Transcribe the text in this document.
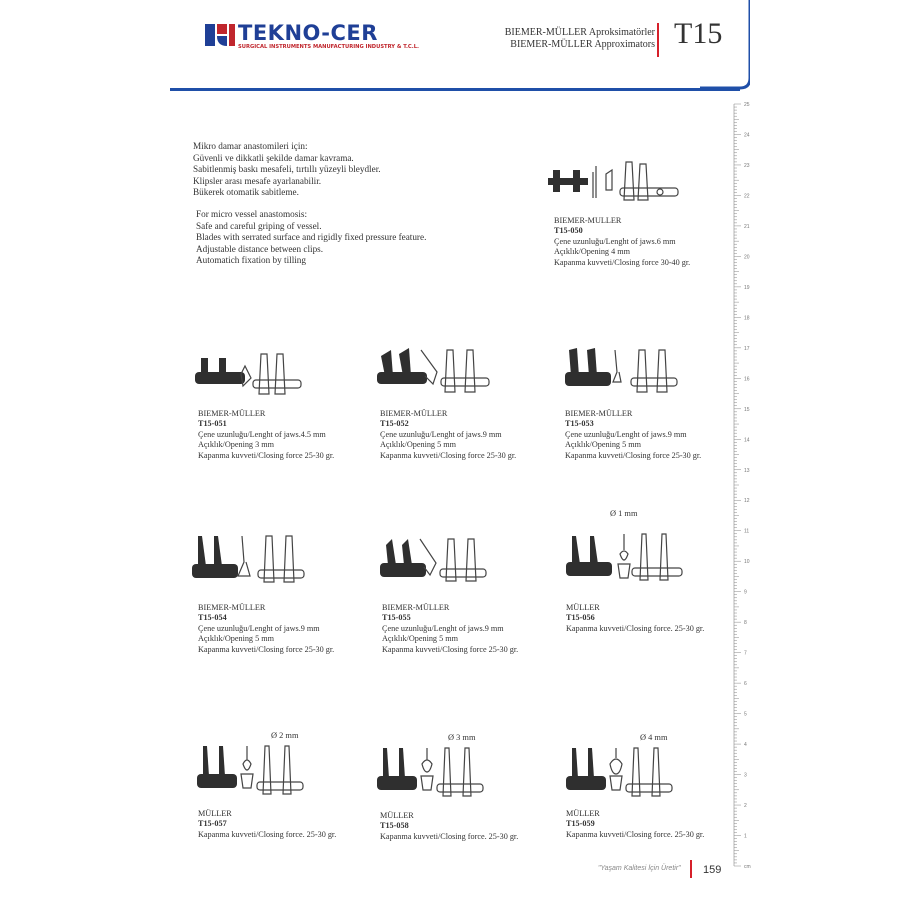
TEKNO-CER
SURGICAL INSTRUMENTS MANUFACTURING INDUSTRY & T.C.L.
BIEMER-MÜLLER Aproksimatörler
BIEMER-MÜLLER Approximators T15
Mikro damar anastomileri için:
Güvenli ve dikkatli şekilde damar kavrama.
Sabitlenmiş baskı mesafeli, tırtıllı yüzeyli bleydler.
Klipsler arası mesafe ayarlanabilir.
Bükerek otomatik sabitleme.
For micro vessel anastomosis:
Safe and careful griping of vessel.
Blades with serrated surface and rigidly fixed pressure feature.
Adjustable distance between clips.
Automatich fixation by tilling
Ø 1 mm
Ø 2 mm	Ø 3 mm	Ø 4 mm
BIEMER-MULLER
T15-050
Çene uzunluğu/Lenght of jaws.6 mm
Açıklık/Opening 4 mm
Kapanma kuvveti/Closing force 30-40 gr.
BIEMER-MÜLLER
T15-051
Çene uzunluğu/Lenght of jaws.4.5 mm
Açıklık/Opening 3 mm
Kapanma kuvveti/Closing force 25-30 gr.
BIEMER-MÜLLER
T15-052
Çene uzunluğu/Lenght of jaws.9 mm
Açıklık/Opening 5 mm
Kapanma kuvveti/Closing force 25-30 gr.
BIEMER-MÜLLER
T15-053
Çene uzunluğu/Lenght of jaws.9 mm
Açıklık/Opening 5 mm
Kapanma kuvveti/Closing force 25-30 gr.
BIEMER-MÜLLER
T15-054
Çene uzunluğu/Lenght of jaws.9 mm
Açıklık/Opening 5 mm
Kapanma kuvveti/Closing force 25-30 gr.
BIEMER-MÜLLER
T15-055
Çene uzunluğu/Lenght of jaws.9 mm
Açıklık/Opening 5 mm
Kapanma kuvveti/Closing force 25-30 gr.
MÜLLER
T15-056
Kapanma kuvveti/Closing force. 25-30 gr.
MÜLLER
T15-057
Kapanma kuvveti/Closing force. 25-30 gr.
MÜLLER
T15-058
Kapanma kuvveti/Closing force. 25-30 gr.
MÜLLER
T15-059
Kapanma kuvveti/Closing force. 25-30 gr.
25
24
23
22
21
20
19
18
17
16
15
14
13
12
11
10
9
8
7
6
5
4
3
2
1
cm
"Yaşam Kalitesi İçin Üretir" 159
